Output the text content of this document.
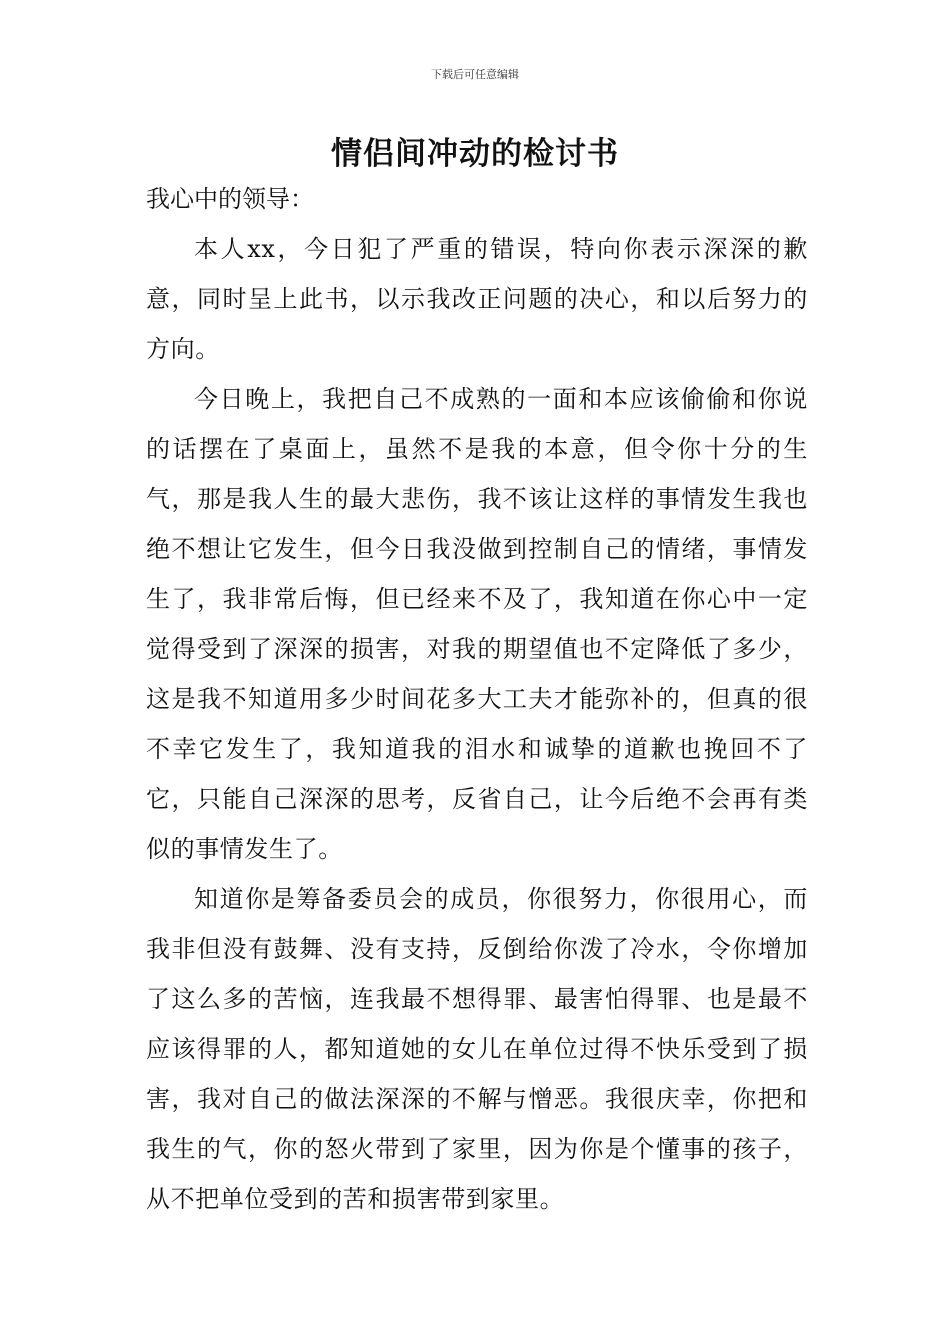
下载后可任意编辑
情侣间冲动的检讨书

我心中的领导：

本人xx，今日犯了严重的错误，特向你表示深深的歉意，同时呈上此书，以示我改正问题的决心，和以后努力的方向。

今日晚上，我把自己不成熟的一面和本应该偷偷和你说的话摆在了桌面上，虽然不是我的本意，但令你十分的生气，那是我人生的最大悲伤，我不该让这样的事情发生我也绝不想让它发生，但今日我没做到控制自己的情绪，事情发生了，我非常后悔，但已经来不及了，我知道在你心中一定觉得受到了深深的损害，对我的期望值也不定降低了多少，这是我不知道用多少时间花多大工夫才能弥补的，但真的很不幸它发生了，我知道我的泪水和诚挚的道歉也挽回不了它，只能自己深深的思考，反省自己，让今后绝不会再有类似的事情发生了。

知道你是筹备委员会的成员，你很努力，你很用心，而我非但没有鼓舞、没有支持，反倒给你泼了冷水，令你增加了这么多的苦恼，连我最不想得罪、最害怕得罪、也是最不应该得罪的人，都知道她的女儿在单位过得不快乐受到了损害，我对自己的做法深深的不解与憎恶。我很庆幸，你把和我生的气，你的怒火带到了家里，因为你是个懂事的孩子，从不把单位受到的苦和损害带到家里。
